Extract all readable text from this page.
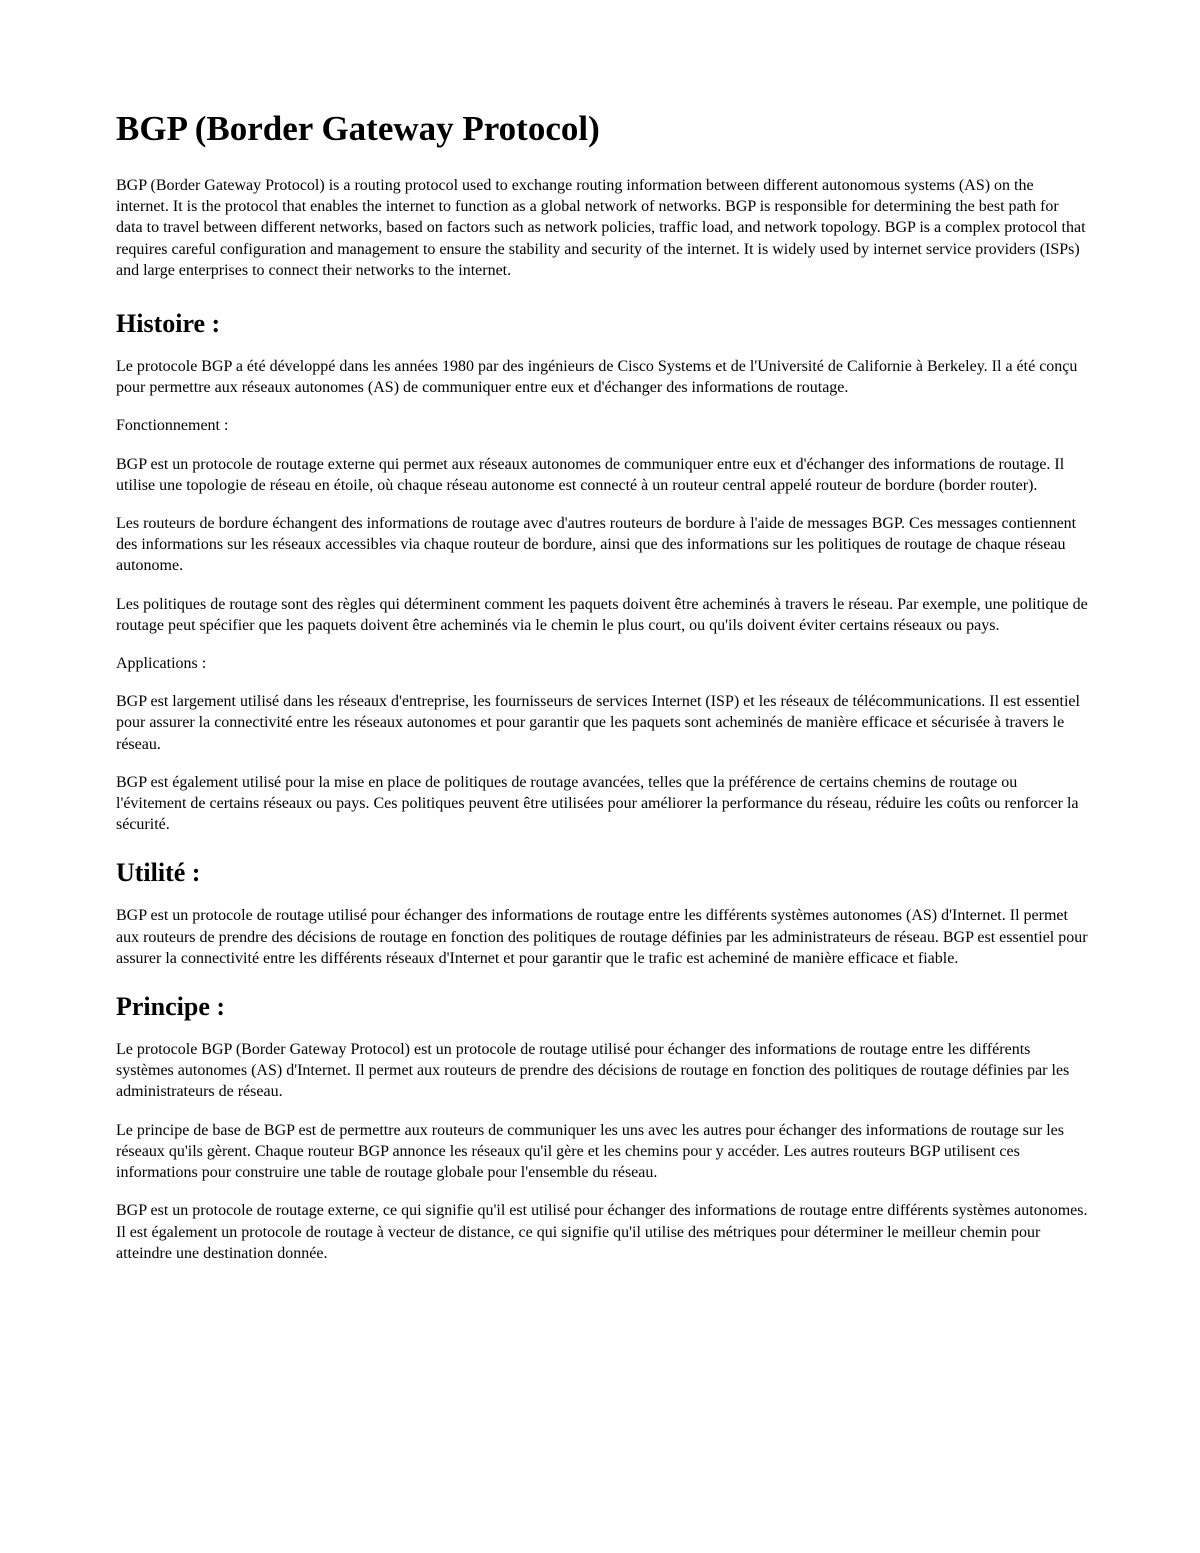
BGP (Border Gateway Protocol)

BGP (Border Gateway Protocol) is a routing protocol used to exchange routing information between different autonomous systems (AS) on the internet. It is the protocol that enables the internet to function as a global network of networks. BGP is responsible for determining the best path for data to travel between different networks, based on factors such as network policies, traffic load, and network topology. BGP is a complex protocol that requires careful configuration and management to ensure the stability and security of the internet. It is widely used by internet service providers (ISPs) and large enterprises to connect their networks to the internet.

Histoire :

Le protocole BGP a été développé dans les années 1980 par des ingénieurs de Cisco Systems et de l'Université de Californie à Berkeley. Il a été conçu pour permettre aux réseaux autonomes (AS) de communiquer entre eux et d'échanger des informations de routage.

Fonctionnement :

BGP est un protocole de routage externe qui permet aux réseaux autonomes de communiquer entre eux et d'échanger des informations de routage. Il utilise une topologie de réseau en étoile, où chaque réseau autonome est connecté à un routeur central appelé routeur de bordure (border router).

Les routeurs de bordure échangent des informations de routage avec d'autres routeurs de bordure à l'aide de messages BGP. Ces messages contiennent des informations sur les réseaux accessibles via chaque routeur de bordure, ainsi que des informations sur les politiques de routage de chaque réseau autonome.

Les politiques de routage sont des règles qui déterminent comment les paquets doivent être acheminés à travers le réseau. Par exemple, une politique de routage peut spécifier que les paquets doivent être acheminés via le chemin le plus court, ou qu'ils doivent éviter certains réseaux ou pays.

Applications :

BGP est largement utilisé dans les réseaux d'entreprise, les fournisseurs de services Internet (ISP) et les réseaux de télécommunications. Il est essentiel pour assurer la connectivité entre les réseaux autonomes et pour garantir que les paquets sont acheminés de manière efficace et sécurisée à travers le réseau.

BGP est également utilisé pour la mise en place de politiques de routage avancées, telles que la préférence de certains chemins de routage ou l'évitement de certains réseaux ou pays. Ces politiques peuvent être utilisées pour améliorer la performance du réseau, réduire les coûts ou renforcer la sécurité.

Utilité :

BGP est un protocole de routage utilisé pour échanger des informations de routage entre les différents systèmes autonomes (AS) d'Internet. Il permet aux routeurs de prendre des décisions de routage en fonction des politiques de routage définies par les administrateurs de réseau. BGP est essentiel pour assurer la connectivité entre les différents réseaux d'Internet et pour garantir que le trafic est acheminé de manière efficace et fiable.

Principe :

Le protocole BGP (Border Gateway Protocol) est un protocole de routage utilisé pour échanger des informations de routage entre les différents systèmes autonomes (AS) d'Internet. Il permet aux routeurs de prendre des décisions de routage en fonction des politiques de routage définies par les administrateurs de réseau.

Le principe de base de BGP est de permettre aux routeurs de communiquer les uns avec les autres pour échanger des informations de routage sur les réseaux qu'ils gèrent. Chaque routeur BGP annonce les réseaux qu'il gère et les chemins pour y accéder. Les autres routeurs BGP utilisent ces informations pour construire une table de routage globale pour l'ensemble du réseau.

BGP est un protocole de routage externe, ce qui signifie qu'il est utilisé pour échanger des informations de routage entre différents systèmes autonomes. Il est également un protocole de routage à vecteur de distance, ce qui signifie qu'il utilise des métriques pour déterminer le meilleur chemin pour atteindre une destination donnée.
